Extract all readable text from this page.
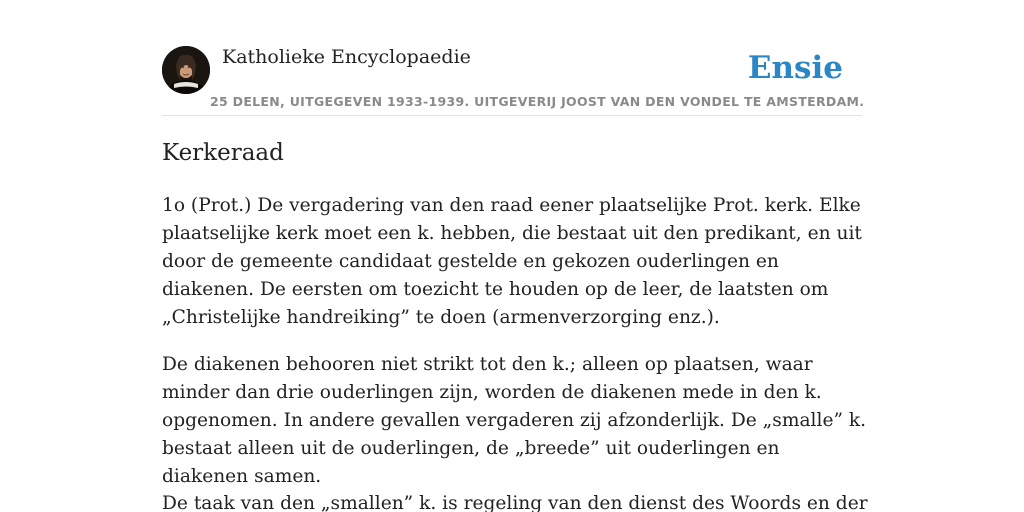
Katholieke Encyclopaedie	Ensie
25 DELEN, UITGEGEVEN 1933-1939. UITGEVERIJ JOOST VAN DEN VONDEL TE AMSTERDAM.
Kerkeraad

1o (Prot.) De vergadering van den raad eener plaatselijke Prot. kerk. Elke plaatselijke kerk moet een k. hebben, die bestaat uit den predikant, en uit door de gemeente candidaat gestelde en gekozen ouderlingen en diakenen. De eersten om toezicht te houden op de leer, de laatsten om „Christelijke handreiking” te doen (armenverzorging enz.).

De diakenen behooren niet strikt tot den k.; alleen op plaatsen, waar minder dan drie ouderlingen zijn, worden de diakenen mede in den k. opgenomen. In andere gevallen vergaderen zij afzonderlijk. De „smalle” k. bestaat alleen uit de ouderlingen, de „breede” uit ouderlingen en diakenen samen.

De taak van den „smallen” k. is regeling van den dienst des Woords en der
